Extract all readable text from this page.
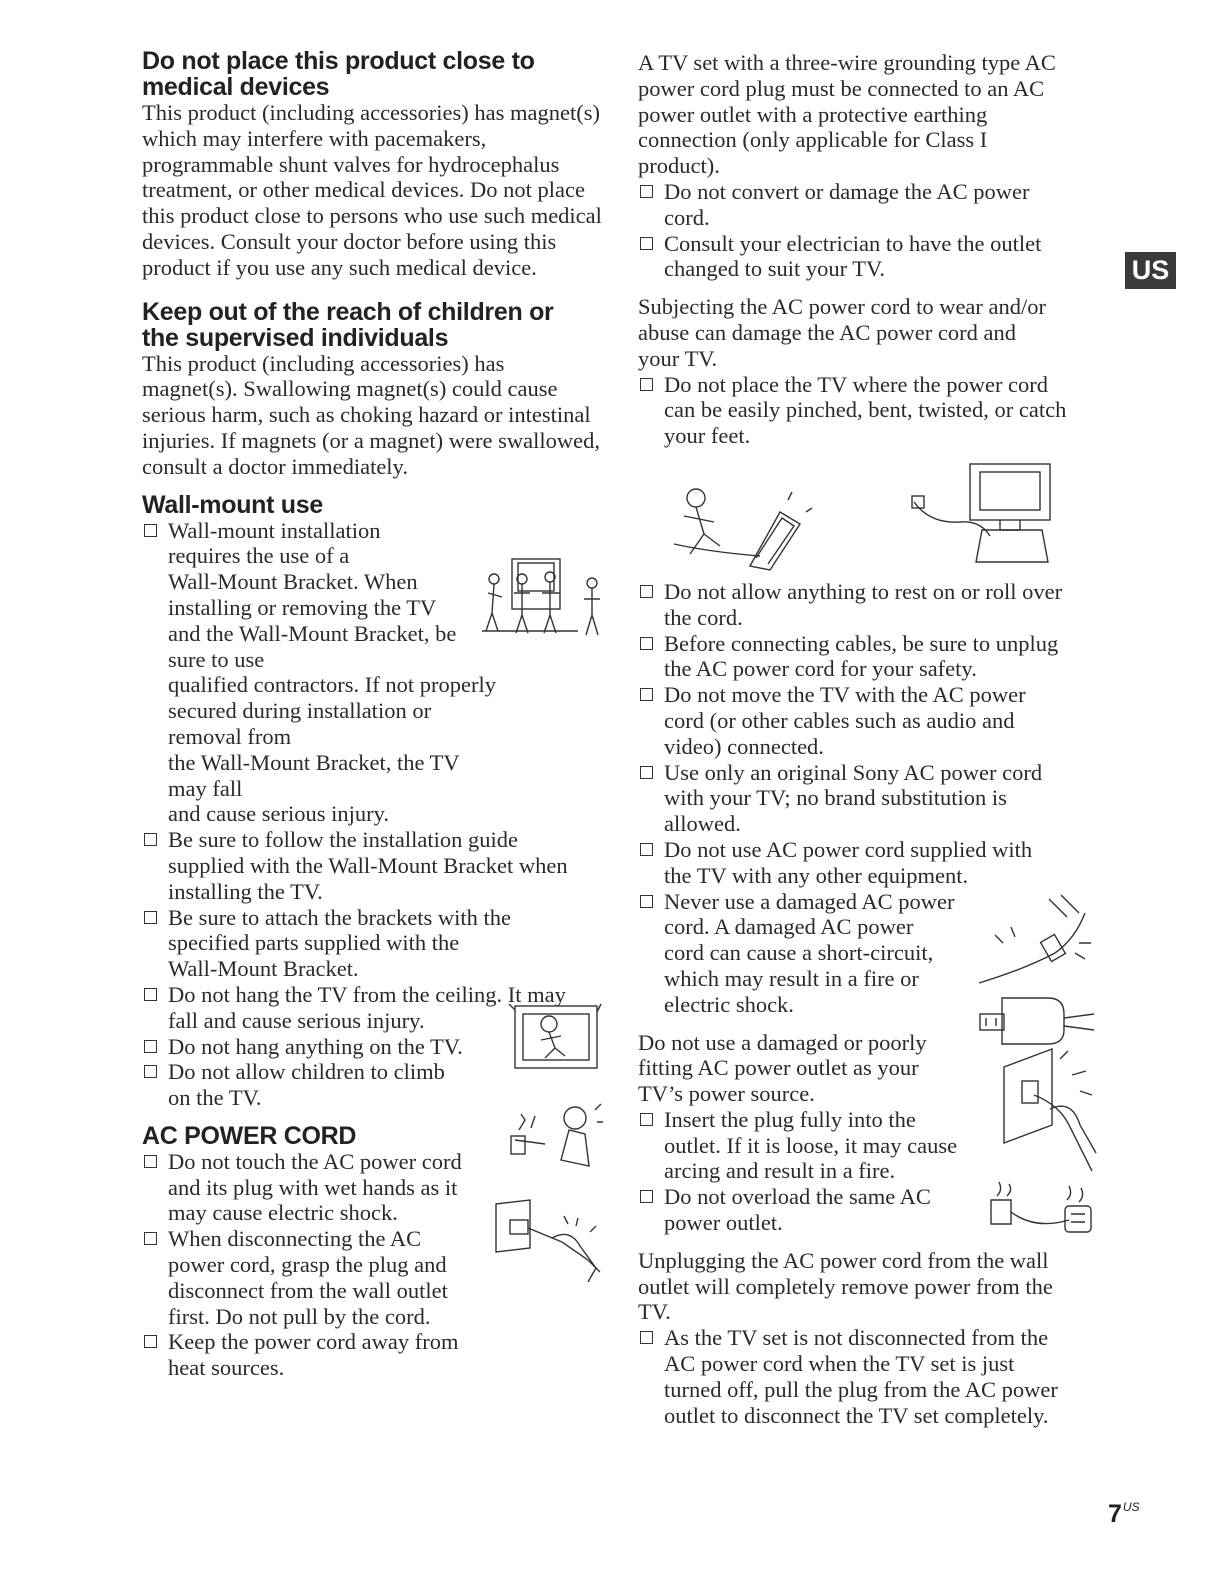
Do not place this product close to
medical devices

This product (including accessories) has magnet(s) which may interfere with pacemakers, programmable shunt valves for hydrocephalus treatment, or other medical devices. Do not place this product close to persons who use such medical devices. Consult your doctor before using this product if you use any such medical device.

Keep out of the reach of children or
the supervised individuals

This product (including accessories) has magnet(s). Swallowing magnet(s) could cause serious harm, such as choking hazard or intestinal injuries. If magnets (or a magnet) were swallowed, consult a doctor immediately.

Wall-mount use
Wall-mount installation
requires the use of a
Wall-Mount Bracket. When
installing or removing the TV
and the Wall-Mount Bracket, be sure to use
qualified contractors. If not properly
secured during installation or removal from
the Wall-Mount Bracket, the TV may fall
and cause serious injury.
Be sure to follow the installation guide
supplied with the Wall-Mount Bracket when
installing the TV.
Be sure to attach the brackets with the
specified parts supplied with the
Wall-Mount Bracket.
Do not hang the TV from the ceiling. It may
fall and cause serious injury.
Do not hang anything on the TV.
Do not allow children to climb
on the TV.
AC POWER CORD
Do not touch the AC power cord
and its plug with wet hands as it
may cause electric shock.
When disconnecting the AC
power cord, grasp the plug and
disconnect from the wall outlet
first. Do not pull by the cord.
Keep the power cord away from
heat sources.

A TV set with a three-wire grounding type AC
power cord plug must be connected to an AC
power outlet with a protective earthing
connection (only applicable for Class I
product).

Do not convert or damage the AC power
cord.
Consult your electrician to have the outlet
changed to suit your TV.

Subjecting the AC power cord to wear and/or
abuse can damage the AC power cord and
your TV.

Do not place the TV where the power cord
can be easily pinched, bent, twisted, or catch
your feet.
Do not allow anything to rest on or roll over
the cord.
Before connecting cables, be sure to unplug
the AC power cord for your safety.
Do not move the TV with the AC power
cord (or other cables such as audio and
video) connected.
Use only an original Sony AC power cord
with your TV; no brand substitution is
allowed.
Do not use AC power cord supplied with
the TV with any other equipment.
Never use a damaged AC power
cord. A damaged AC power
cord can cause a short-circuit,
which may result in a fire or
electric shock.

Do not use a damaged or poorly
fitting AC power outlet as your
TV’s power source.

Insert the plug fully into the
outlet. If it is loose, it may cause
arcing and result in a fire.
Do not overload the same AC
power outlet.

Unplugging the AC power cord from the wall
outlet will completely remove power from the
TV.

As the TV set is not disconnected from the
AC power cord when the TV set is just
turned off, pull the plug from the AC power
outlet to disconnect the TV set completely.
US
$7^{US}$
